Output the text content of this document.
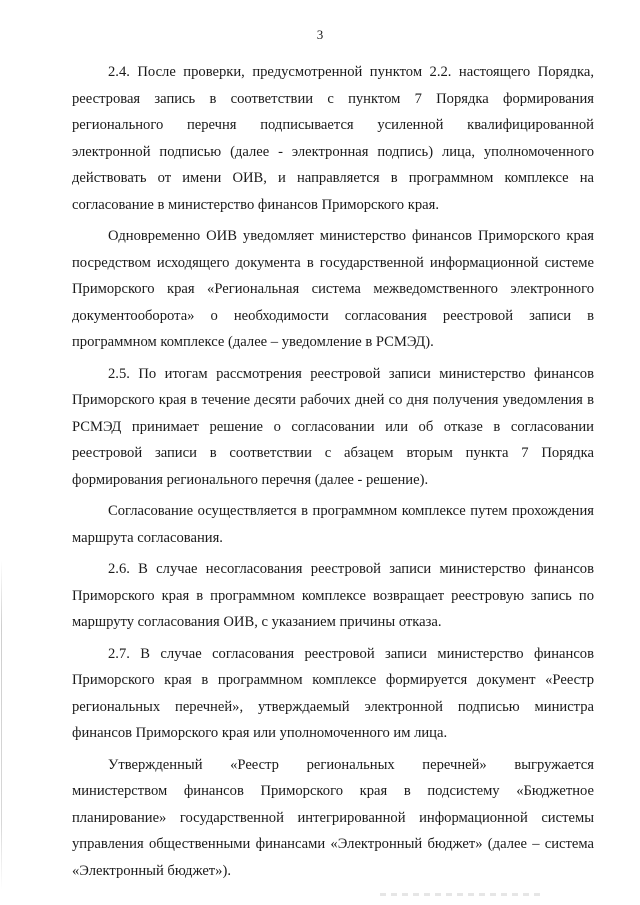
3

2.4. После проверки, предусмотренной пунктом 2.2. настоящего Порядка, реестровая запись в соответствии с пунктом 7 Порядка формирования регионального перечня подписывается усиленной квалифицированной электронной подписью (далее - электронная подпись) лица, уполномоченного действовать от имени ОИВ, и направляется в программном комплексе на согласование в министерство финансов Приморского края.

Одновременно ОИВ уведомляет министерство финансов Приморского края посредством исходящего документа в государственной информационной системе Приморского края «Региональная система межведомственного электронного документооборота» о необходимости согласования реестровой записи в программном комплексе (далее – уведомление в РСМЭД).

2.5. По итогам рассмотрения реестровой записи министерство финансов Приморского края в течение десяти рабочих дней со дня получения уведомления в РСМЭД принимает решение о согласовании или об отказе в согласовании реестровой записи в соответствии с абзацем вторым пункта 7 Порядка формирования регионального перечня (далее - решение).

Согласование осуществляется в программном комплексе путем прохождения маршрута согласования.

2.6. В случае несогласования реестровой записи министерство финансов Приморского края в программном комплексе возвращает реестровую запись по маршруту согласования ОИВ, с указанием причины отказа.

2.7. В случае согласования реестровой записи министерство финансов Приморского края в программном комплексе формируется документ «Реестр региональных перечней», утверждаемый электронной подписью министра финансов Приморского края или уполномоченного им лица.

Утвержденный «Реестр региональных перечней» выгружается министерством финансов Приморского края в подсистему «Бюджетное планирование» государственной интегрированной информационной системы управления общественными финансами «Электронный бюджет» (далее – система «Электронный бюджет»).
